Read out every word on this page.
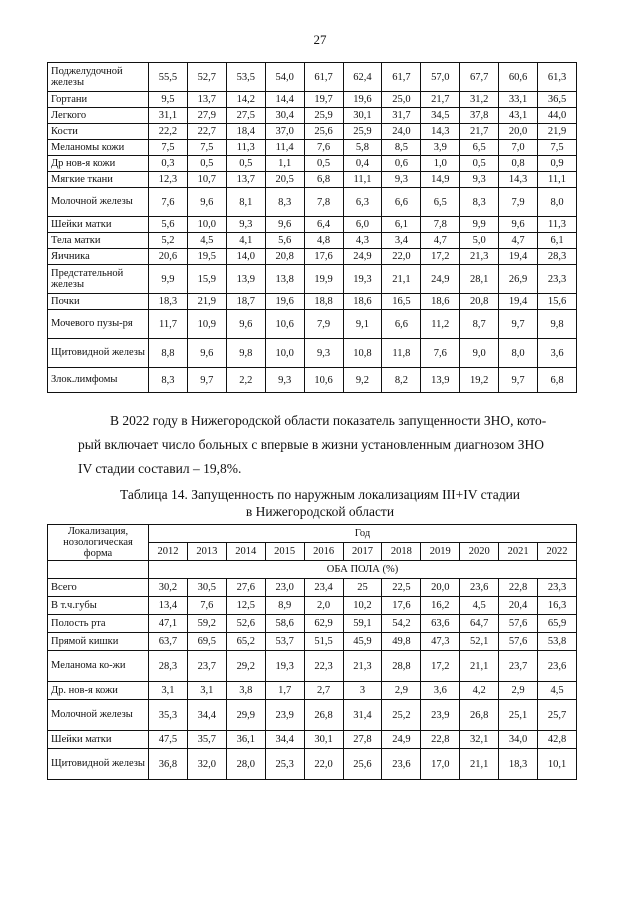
27
Поджелудочной железы	55,5	52,7	53,5	54,0	61,7	62,4	61,7	57,0	67,7	60,6	61,3
Гортани	9,5	13,7	14,2	14,4	19,7	19,6	25,0	21,7	31,2	33,1	36,5
Легкого	31,1	27,9	27,5	30,4	25,9	30,1	31,7	34,5	37,8	43,1	44,0
Кости	22,2	22,7	18,4	37,0	25,6	25,9	24,0	14,3	21,7	20,0	21,9
Меланомы кожи	7,5	7,5	11,3	11,4	7,6	5,8	8,5	3,9	6,5	7,0	7,5
Др нов-я кожи	0,3	0,5	0,5	1,1	0,5	0,4	0,6	1,0	0,5	0,8	0,9
Мягкие ткани	12,3	10,7	13,7	20,5	6,8	11,1	9,3	14,9	9,3	14,3	11,1
Молочной железы	7,6	9,6	8,1	8,3	7,8	6,3	6,6	6,5	8,3	7,9	8,0
Шейки матки	5,6	10,0	9,3	9,6	6,4	6,0	6,1	7,8	9,9	9,6	11,3
Тела матки	5,2	4,5	4,1	5,6	4,8	4,3	3,4	4,7	5,0	4,7	6,1
Яичника	20,6	19,5	14,0	20,8	17,6	24,9	22,0	17,2	21,3	19,4	28,3
Предстательной железы	9,9	15,9	13,9	13,8	19,9	19,3	21,1	24,9	28,1	26,9	23,3
Почки	18,3	21,9	18,7	19,6	18,8	18,6	16,5	18,6	20,8	19,4	15,6
Мочевого пузы-ря	11,7	10,9	9,6	10,6	7,9	9,1	6,6	11,2	8,7	9,7	9,8
Щитовидной железы	8,8	9,6	9,8	10,0	9,3	10,8	11,8	7,6	9,0	8,0	3,6
Злок.лимфомы	8,3	9,7	2,2	9,3	10,6	9,2	8,2	13,9	19,2	9,7	6,8
В 2022 году в Нижегородской области показатель запущенности ЗНО, кото-
рый включает число больных с впервые в жизни установленным диагнозом ЗНО
IV стадии составил – 19,8%.
Таблица 14. Запущенность по наружным локализациям III+IV стадии
в Нижегородской области
Локализация, нозологическая форма	Год										
	2012	2013	2014	2015	2016	2017	2018	2019	2020	2021	2022
	ОБА ПОЛА (%)										
Всего	30,2	30,5	27,6	23,0	23,4	25	22,5	20,0	23,6	22,8	23,3
В т.ч.губы	13,4	7,6	12,5	8,9	2,0	10,2	17,6	16,2	4,5	20,4	16,3
Полость рта	47,1	59,2	52,6	58,6	62,9	59,1	54,2	63,6	64,7	57,6	65,9
Прямой кишки	63,7	69,5	65,2	53,7	51,5	45,9	49,8	47,3	52,1	57,6	53,8
Меланома ко-жи	28,3	23,7	29,2	19,3	22,3	21,3	28,8	17,2	21,1	23,7	23,6
Др. нов-я кожи	3,1	3,1	3,8	1,7	2,7	3	2,9	3,6	4,2	2,9	4,5
Молочной железы	35,3	34,4	29,9	23,9	26,8	31,4	25,2	23,9	26,8	25,1	25,7
Шейки матки	47,5	35,7	36,1	34,4	30,1	27,8	24,9	22,8	32,1	34,0	42,8
Щитовидной железы	36,8	32,0	28,0	25,3	22,0	25,6	23,6	17,0	21,1	18,3	10,1
